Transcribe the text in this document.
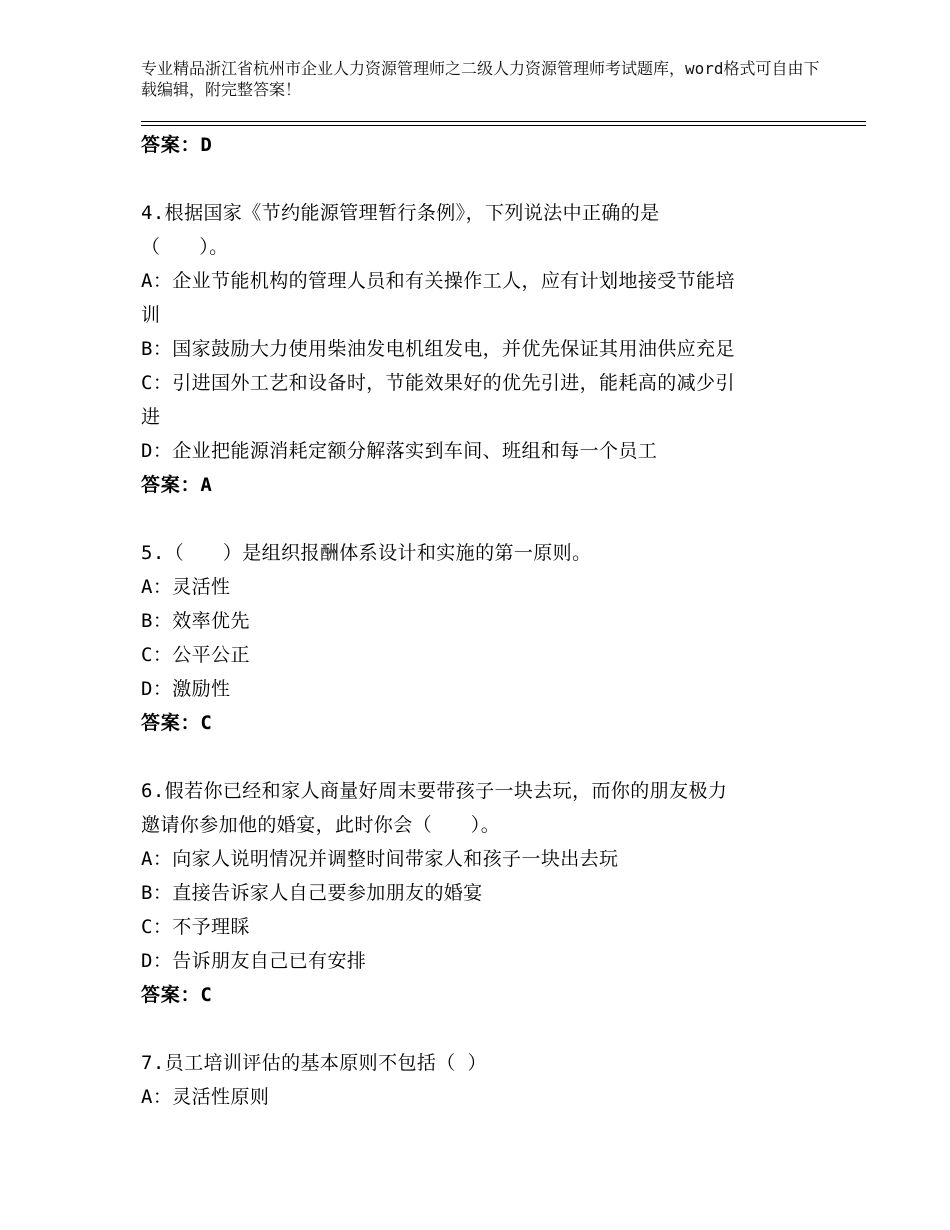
专业精品浙江省杭州市企业人力资源管理师之二级人力资源管理师考试题库，word格式可自由下载编辑，附完整答案！
答案：D
4.根据国家《节约能源管理暂行条例》，下列说法中正确的是
（　　）。
A：企业节能机构的管理人员和有关操作工人，应有计划地接受节能培
训
B：国家鼓励大力使用柴油发电机组发电，并优先保证其用油供应充足
C：引进国外工艺和设备时，节能效果好的优先引进，能耗高的减少引
进
D：企业把能源消耗定额分解落实到车间、班组和每一个员工
答案：A
5.（　　）是组织报酬体系设计和实施的第一原则。
A：灵活性
B：效率优先
C：公平公正
D：激励性
答案：C
6.假若你已经和家人商量好周末要带孩子一块去玩，而你的朋友极力
邀请你参加他的婚宴，此时你会（　　）。
A：向家人说明情况并调整时间带家人和孩子一块出去玩
B：直接告诉家人自己要参加朋友的婚宴
C：不予理睬
D：告诉朋友自己已有安排
答案：C
7.员工培训评估的基本原则不包括（ ）
A：灵活性原则
